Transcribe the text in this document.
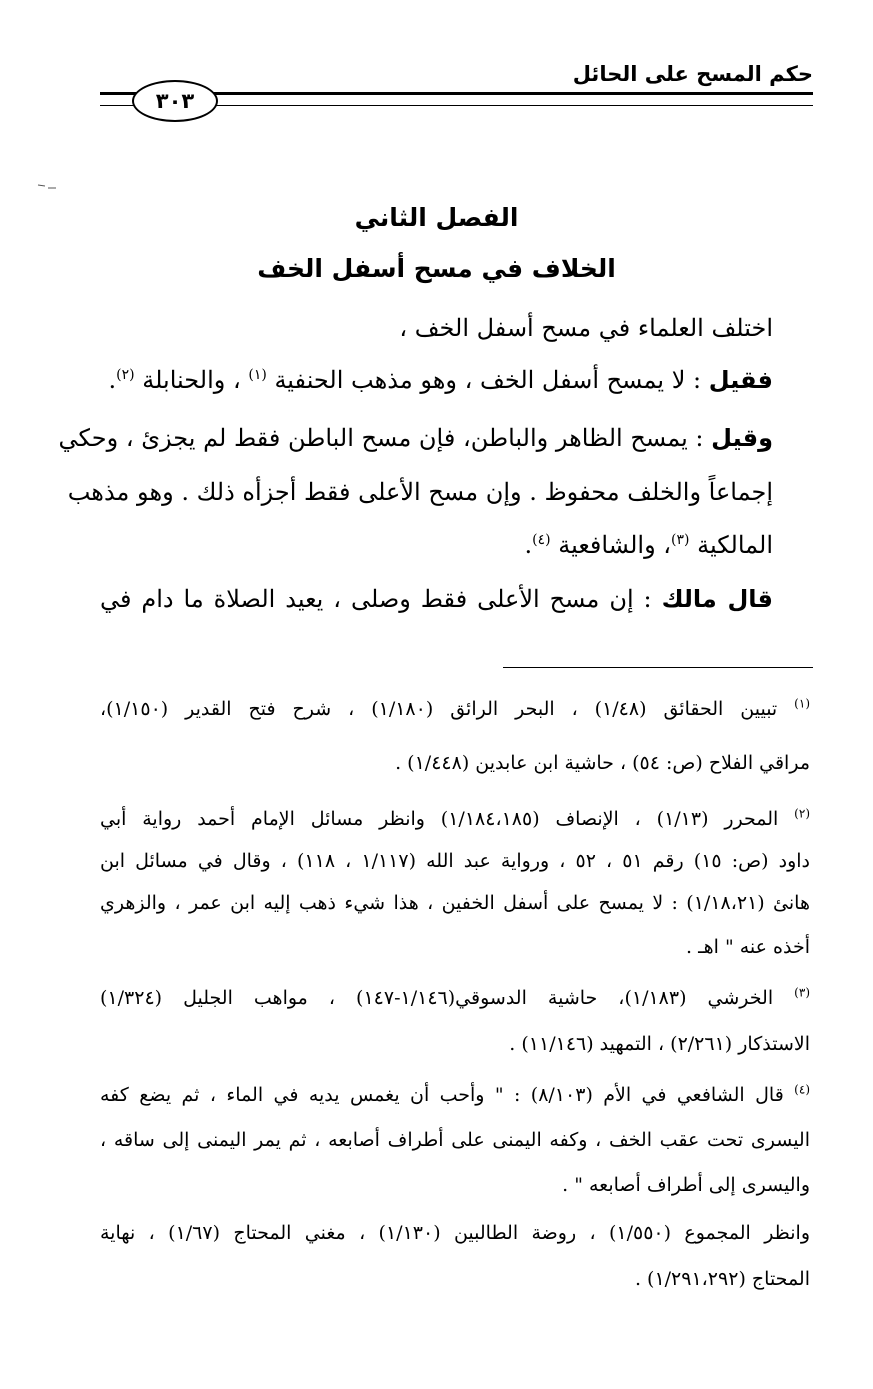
حكم المسح على الحائل
٣٠٣
الفصل الثاني
الخلاف في مسح أسفل الخف
اختلف العلماء في مسح أسفل الخف ،
فقيل : لا يمسح أسفل الخف ، وهو مذهب الحنفية $^{(١)}$ ، والحنابلة $^{(٢)}$.
وقيل : يمسح الظاهر والباطن، فإن مسح الباطن فقط لم يجزئ ، وحكي
إجماعاً والخلف محفوظ . وإن مسح الأعلى فقط أجزأه ذلك . وهو مذهب
المالكية $^{(٣)}$، والشافعية $^{(٤)}$.
قال مالك : إن مسح الأعلى فقط وصلى ، يعيد الصلاة ما دام في
$^{(١)}$ تبيين الحقائق (١/٤٨) ، البحر الرائق (١/١٨٠) ، شرح فتح القدير (١/١٥٠)،
مراقي الفلاح (ص: ٥٤) ، حاشية ابن عابدين (١/٤٤٨) .
$^{(٢)}$ المحرر (١/١٣) ، الإنصاف (١/١٨٤،١٨٥) وانظر مسائل الإمام أحمد رواية أبي
داود (ص: ١٥) رقم ٥١ ، ٥٢ ، ورواية عبد الله (١/١١٧ ، ١١٨) ، وقال في مسائل ابن
هانئ (١/١٨،٢١) : لا يمسح على أسفل الخفين ، هذا شيء ذهب إليه ابن عمر ، والزهري
أخذه عنه " اهـ .
$^{(٣)}$ الخرشي (١/١٨٣)، حاشية الدسوقي(١/١٤٦-١٤٧) ، مواهب الجليل (١/٣٢٤)
الاستذكار (٢/٢٦١) ، التمهيد (١١/١٤٦) .
$^{(٤)}$ قال الشافعي في الأم (٨/١٠٣) : " وأحب أن يغمس يديه في الماء ، ثم يضع كفه
اليسرى تحت عقب الخف ، وكفه اليمنى على أطراف أصابعه ، ثم يمر اليمنى إلى ساقه ،
واليسرى إلى أطراف أصابعه " .
وانظر المجموع (١/٥٥٠) ، روضة الطالبين (١/١٣٠) ، مغني المحتاج (١/٦٧) ، نهاية
المحتاج (١/٢٩١،٢٩٢) .
